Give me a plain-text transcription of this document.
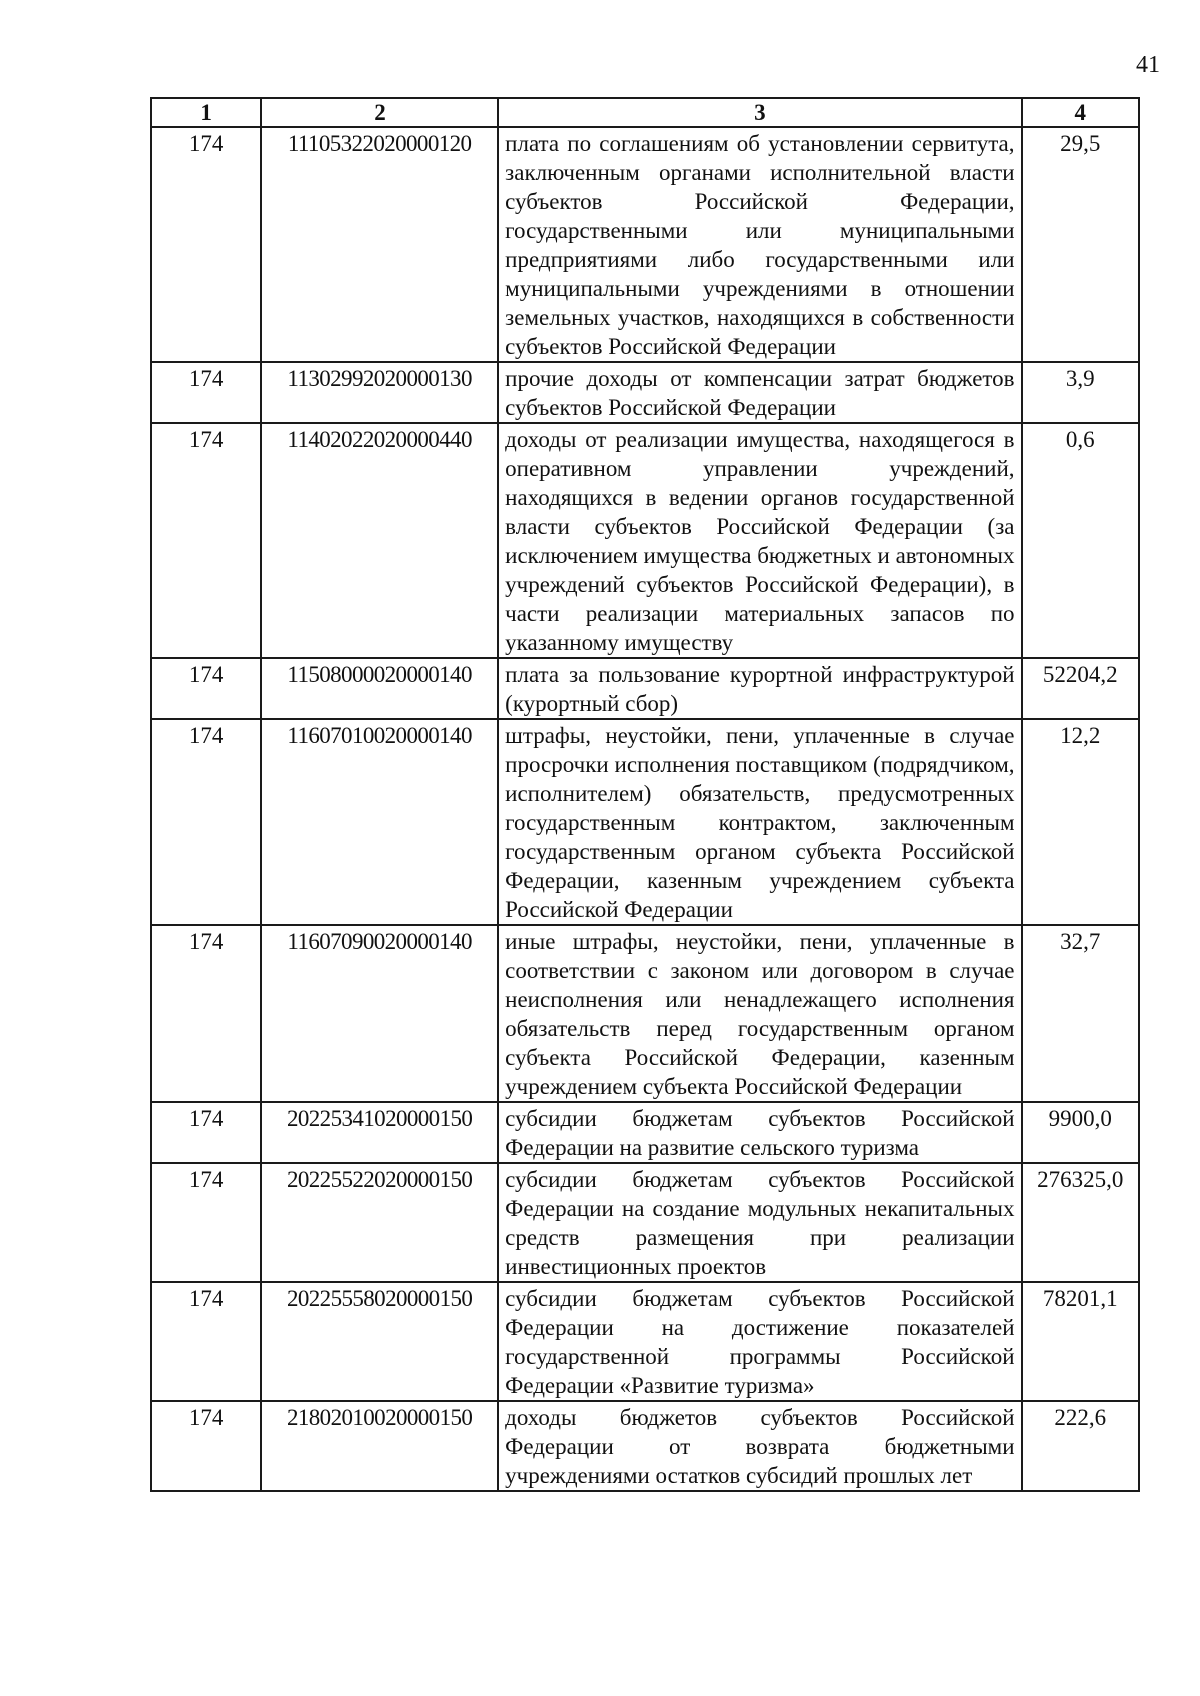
41
1	2	3	4
174	11105322020000120	плата по соглашениям об установлении сервитута, заключенным органами исполнительной власти субъектов Российской Федерации, государственными или муниципальными предприятиями либо государственными или муниципальными учреждениями в отношении земельных участков, находящихся в собственности субъектов Российской Федерации	29,5
174	11302992020000130	прочие доходы от компенсации затрат бюджетов субъектов Российской Федерации	3,9
174	11402022020000440	доходы от реализации имущества, находящегося в оперативном управлении учреждений, находящихся в ведении органов государственной власти субъектов Российской Федерации (за исключением имущества бюджетных и автономных учреждений субъектов Российской Федерации), в части реализации материальных запасов по указанному имуществу	0,6
174	11508000020000140	плата за пользование курортной инфраструктурой (курортный сбор)	52204,2
174	11607010020000140	штрафы, неустойки, пени, уплаченные в случае просрочки исполнения поставщиком (подрядчиком, исполнителем) обязательств, предусмотренных государственным контрактом, заключенным государственным органом субъекта Российской Федерации, казенным учреждением субъекта Российской Федерации	12,2
174	11607090020000140	иные штрафы, неустойки, пени, уплаченные в соответствии с законом или договором в случае неисполнения или ненадлежащего исполнения обязательств перед государственным органом субъекта Российской Федерации, казенным учреждением субъекта Российской Федерации	32,7
174	20225341020000150	субсидии бюджетам субъектов Российской Федерации на развитие сельского туризма	9900,0
174	20225522020000150	субсидии бюджетам субъектов Российской Федерации на создание модульных некапитальных средств размещения при реализации инвестиционных проектов	276325,0
174	20225558020000150	субсидии бюджетам субъектов Российской Федерации на достижение показателей государственной программы Российской Федерации «Развитие туризма»	78201,1
174	21802010020000150	доходы бюджетов субъектов Российской Федерации от возврата бюджетными учреждениями остатков субсидий прошлых лет	222,6
